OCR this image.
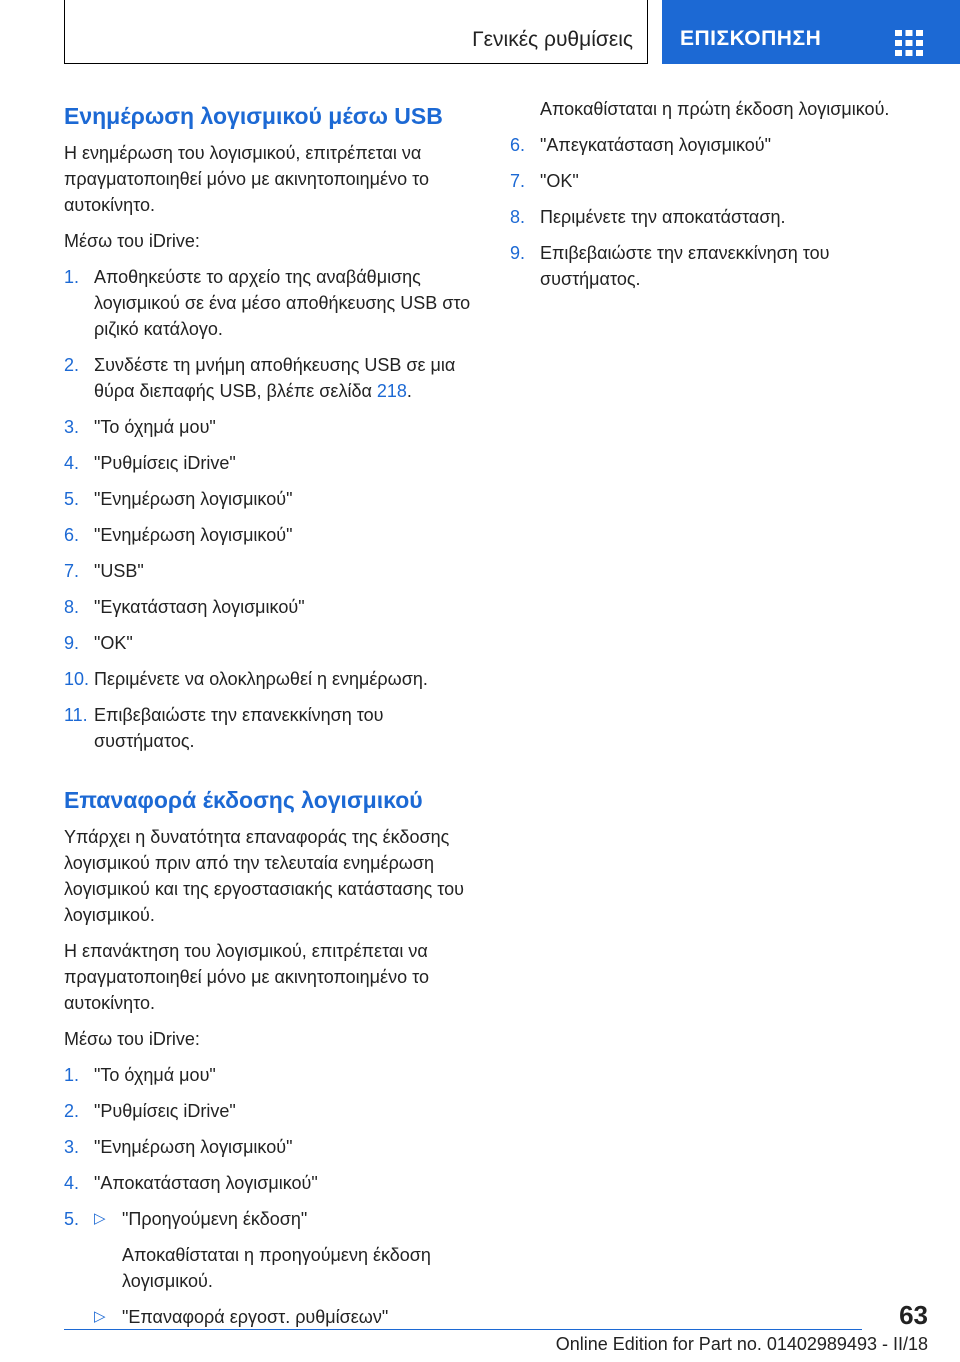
Γενικές ρυθμίσεις ΕΠΙΣΚΟΠΗΣΗ
Ενημέρωση λογισμικού μέσω USB

Η ενημέρωση του λογισμικού, επιτρέπεται να πραγματοποιηθεί μόνο με ακινητοποιημένο το αυτοκίνητο.

Μέσω του iDrive:

1. Αποθηκεύστε το αρχείο της αναβάθμισης λογισμικού σε ένα μέσο αποθήκευσης USB στο ριζικό κατάλογο.
2. Συνδέστε τη μνήμη αποθήκευσης USB σε μια θύρα διεπαφής USB, βλέπε σελίδα 218.
3. "Το όχημά μου"
4. "Ρυθμίσεις iDrive"
5. "Ενημέρωση λογισμικού"
6. "Ενημέρωση λογισμικού"
7. "USB"
8. "Εγκατάσταση λογισμικού"
9. "OK"
10. Περιμένετε να ολοκληρωθεί η ενημέρωση.
11. Επιβεβαιώστε την επανεκκίνηση του συστήματος.
Επαναφορά έκδοσης λογισμικού

Υπάρχει η δυνατότητα επαναφοράς της έκδοσης λογισμικού πριν από την τελευταία ενημέρωση λογισμικού και της εργοστασιακής κατάστασης του λογισμικού.

Η επανάκτηση του λογισμικού, επιτρέπεται να πραγματοποιηθεί μόνο με ακινητοποιημένο το αυτοκίνητο.

Μέσω του iDrive:

1. "Το όχημά μου"
2. "Ρυθμίσεις iDrive"
3. "Ενημέρωση λογισμικού"
4. "Αποκατάσταση λογισμικού"
5. ▷ "Προηγούμενη έκδοση"
Αποκαθίσταται η προηγούμενη έκδοση λογισμικού.
▷ "Επαναφορά εργοστ. ρυθμίσεων"
Αποκαθίσταται η πρώτη έκδοση λογισμικού.
6. "Απεγκατάσταση λογισμικού"
7. "OK"
8. Περιμένετε την αποκατάσταση.
9. Επιβεβαιώστε την επανεκκίνηση του συστήματος.
63
Online Edition for Part no. 01402989493 - II/18
